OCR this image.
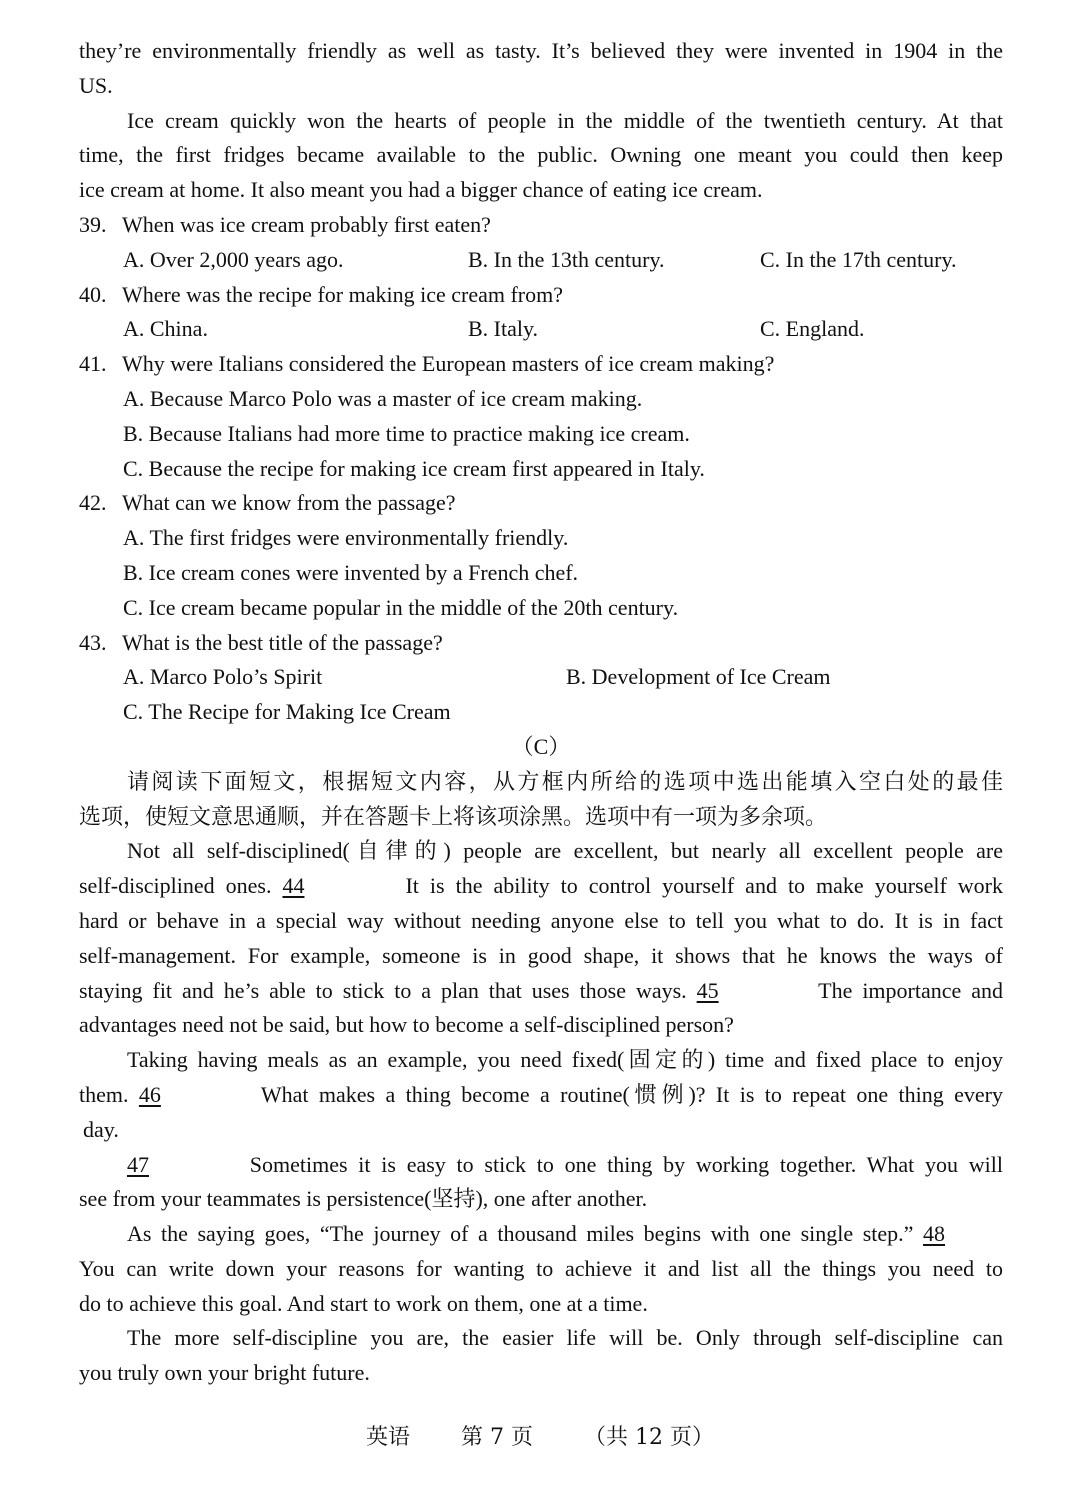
they’re environmentally friendly as well as tasty. It’s believed they were invented in 1904 in the
US.
Ice cream quickly won the hearts of people in the middle of the twentieth century. At that
time, the first fridges became available to the public. Owning one meant you could then keep
ice cream at home. It also meant you had a bigger chance of eating ice cream.
39. When was ice cream probably first eaten?
A. Over 2,000 years ago.	B. In the 13th century.	C. In the 17th century.
40. Where was the recipe for making ice cream from?
A. China.	B. Italy.	C. England.
41. Why were Italians considered the European masters of ice cream making?
A. Because Marco Polo was a master of ice cream making.
B. Because Italians had more time to practice making ice cream.
C. Because the recipe for making ice cream first appeared in Italy.
42. What can we know from the passage?
A. The first fridges were environmentally friendly.
B. Ice cream cones were invented by a French chef.
C. Ice cream became popular in the middle of the 20th century.
43. What is the best title of the passage?
A. Marco Polo’s Spirit	B. Development of Ice Cream
C. The Recipe for Making Ice Cream
（C）
请阅读下面短文，根据短文内容，从方框内所给的选项中选出能填入空白处的最佳
选项，使短文意思通顺，并在答题卡上将该项涂黑。选项中有一项为多余项。
Not all self-disciplined(自律的) people are excellent, but nearly all excellent people are
self-disciplined ones. 44	It is the ability to control yourself and to make yourself work
hard or behave in a special way without needing anyone else to tell you what to do. It is in fact
self-management. For example, someone is in good shape, it shows that he knows the ways of
staying fit and he’s able to stick to a plan that uses those ways. 45	The importance and
advantages need not be said, but how to become a self-disciplined person?
Taking having meals as an example, you need fixed(固定的) time and fixed place to enjoy
them. 46	What makes a thing become a routine(惯例)? It is to repeat one thing every
day.
47	Sometimes it is easy to stick to one thing by working together. What you will
see from your teammates is persistence(坚持), one after another.
As the saying goes, “The journey of a thousand miles begins with one single step.” 48
You can write down your reasons for wanting to achieve it and list all the things you need to
do to achieve this goal. And start to work on them, one at a time.
The more self-discipline you are, the easier life will be. Only through self-discipline can
you truly own your bright future.
英语 第 7 页 （共 12 页）
